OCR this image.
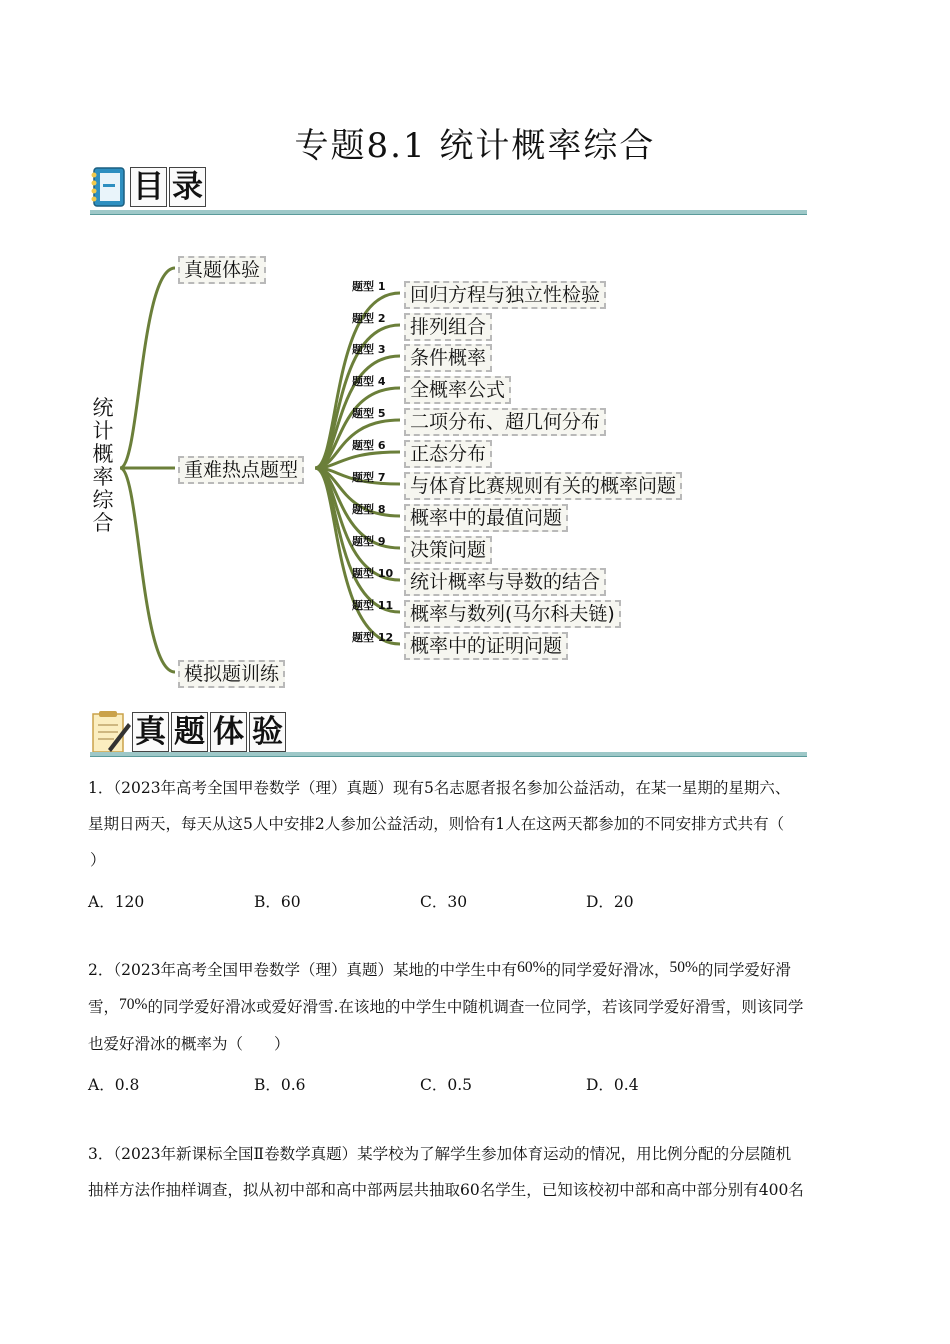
专题8.1 统计概率综合
目 录
统
计
概
率
综
合
真题体验
重难热点题型
模拟题训练
题型 1	回归方程与独立性检验
题型 2	排列组合
题型 3	条件概率
题型 4	全概率公式
题型 5	二项分布、超几何分布
题型 6	正态分布
题型 7	与体育比赛规则有关的概率问题
题型 8	概率中的最值问题
题型 9	决策问题
题型 10 统计概率与导数的结合
题型 11 概率与数列(马尔科夫链)
题型 12 概率中的证明问题
真 题 体 验
1．（2023年高考全国甲卷数学（理）真题）现有5名志愿者报名参加公益活动，在某一星期的星期六、
星期日两天，每天从这5人中安排2人参加公益活动，则恰有1人在这两天都参加的不同安排方式共有（
）
A．120	B．60	C．30	D．20
2．（2023年高考全国甲卷数学（理）真题）某地的中学生中有60%的同学爱好滑冰，50%的同学爱好滑
雪，70%的同学爱好滑冰或爱好滑雪.在该地的中学生中随机调查一位同学，若该同学爱好滑雪，则该同学
也爱好滑冰的概率为（　　）
A．0.8	B．0.6	C．0.5	D．0.4
3．（2023年新课标全国Ⅱ卷数学真题）某学校为了解学生参加体育运动的情况，用比例分配的分层随机
抽样方法作抽样调查，拟从初中部和高中部两层共抽取60名学生，已知该校初中部和高中部分别有400名
